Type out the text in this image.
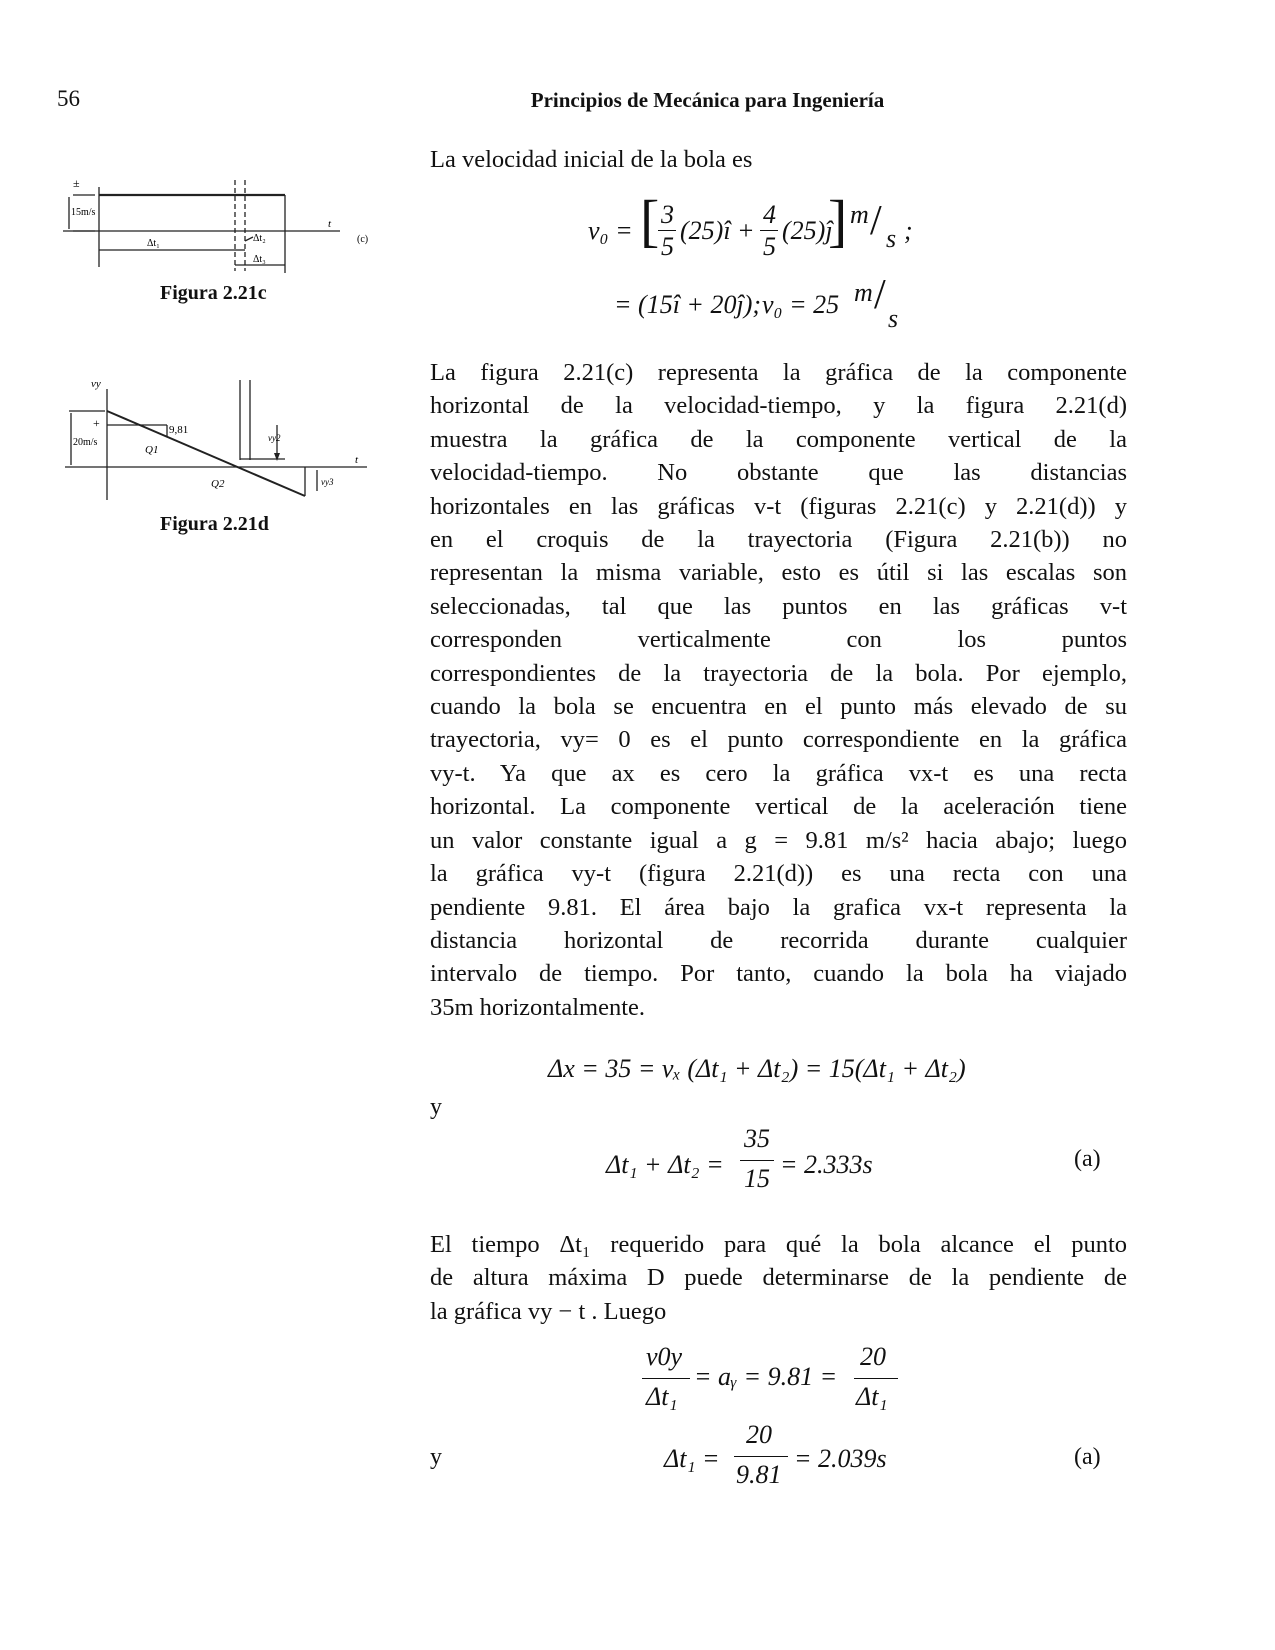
56	Principios de Mecánica para Ingeniería
La velocidad inicial de la bola es
±
15m/s
t
(c)
Δt₁	Δt₂
Δt₃
Figura 2.21c
vy
20m/s
+	9,81
Q1
Q2
vy2
vy3
t
Figura 2.21d
v₀ = [ 3
5
(25)î +
4
5
(25)ĵ
] m / s ;
= (15î + 20ĵ); v₀ = 25 m /
s
La figura 2.21(c) representa la gráfica de la componente
horizontal de la velocidad-tiempo, y la figura 2.21(d)
muestra la gráfica de la componente vertical de la
velocidad-tiempo. No obstante que las distancias
horizontales en las gráficas v-t (figuras 2.21(c) y 2.21(d)) y
en el croquis de la trayectoria (Figura 2.21(b)) no
representan la misma variable, esto es útil si las escalas son
seleccionadas, tal que las puntos en las gráficas v-t
corresponden verticalmente con los puntos
correspondientes de la trayectoria de la bola. Por ejemplo,
cuando la bola se encuentra en el punto más elevado de su
trayectoria, vy= 0 es el punto correspondiente en la gráfica
vy-t. Ya que ax es cero la gráfica vx-t es una recta
horizontal. La componente vertical de la aceleración tiene
un valor constante igual a g = 9.81 m/s² hacia abajo; luego
la gráfica vy-t (figura 2.21(d)) es una recta con una
pendiente 9.81. El área bajo la grafica vx-t representa la
distancia horizontal de recorrida durante cualquier
intervalo de tiempo. Por tanto, cuando la bola ha viajado
35m horizontalmente.
Δx = 35 = vₓ (Δt₁ + Δt₂) = 15(Δt₁ + Δt₂)
y
Δt₁ + Δt₂ =
35
15 = 2.333s	(a)
El tiempo Δt₁ requerido para qué la bola alcance el punto
de altura máxima D puede determinarse de la pendiente de
la gráfica vy − t . Luego
v0y
Δt₁
= aᵧ = 9.81 =
20
Δt₁
y	Δt₁ =
20
9.81
= 2.039s	(a)
